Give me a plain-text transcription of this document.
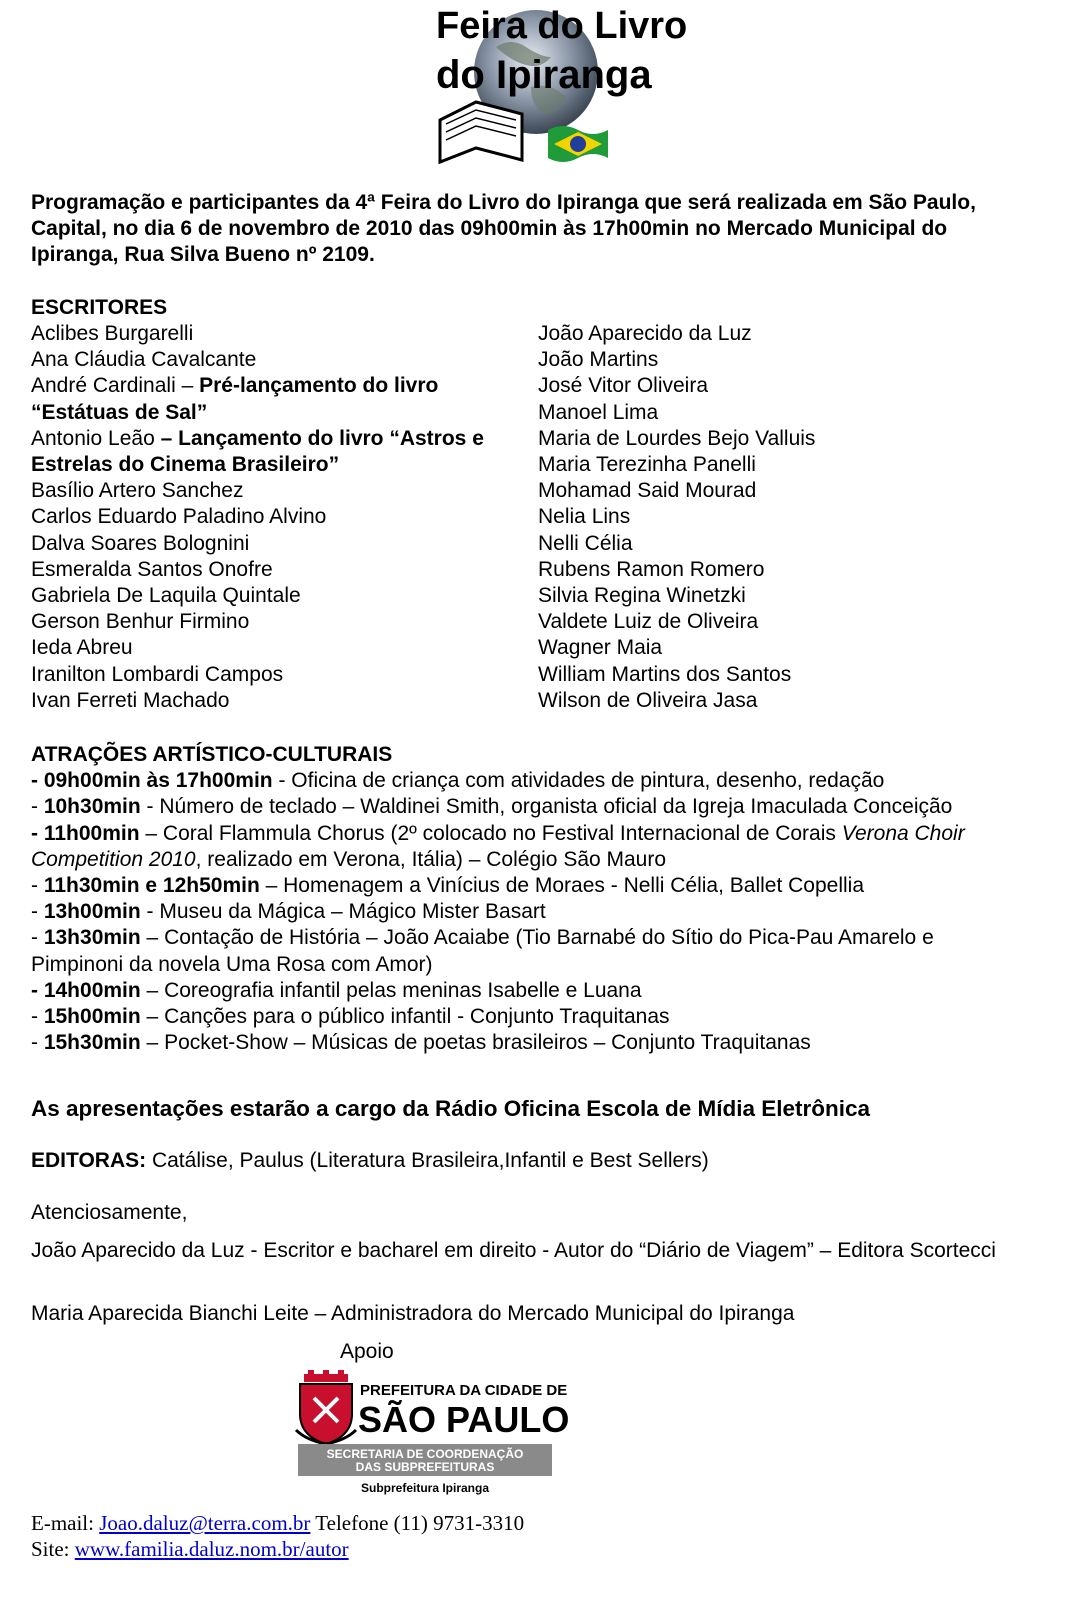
Feira do Livro
do Ipiranga
Programação e participantes da 4ª Feira do Livro do Ipiranga que será realizada em São Paulo, Capital, no dia 6 de novembro de 2010 das 09h00min às 17h00min no Mercado Municipal do Ipiranga, Rua Silva Bueno nº 2109.
ESCRITORES
Aclibes Burgarelli
Ana Cláudia Cavalcante
André Cardinali – Pré-lançamento do livro “Estátuas de Sal”
Antonio Leão – Lançamento do livro “Astros e Estrelas do Cinema Brasileiro”
Basílio Artero Sanchez
Carlos Eduardo Paladino Alvino
Dalva Soares Bolognini
Esmeralda Santos Onofre
Gabriela De Laquila Quintale
Gerson Benhur Firmino
Ieda Abreu
Iranilton Lombardi Campos
Ivan Ferreti Machado
João Aparecido da Luz
João Martins
José Vitor Oliveira
Manoel Lima
Maria de Lourdes Bejo Valluis
Maria Terezinha Panelli
Mohamad Said Mourad
Nelia Lins
Nelli Célia
Rubens Ramon Romero
Silvia Regina Winetzki
Valdete Luiz de Oliveira
Wagner Maia
William Martins dos Santos
Wilson de Oliveira Jasa
ATRAÇÕES ARTÍSTICO-CULTURAIS
- 09h00min às 17h00min - Oficina de criança com atividades de pintura, desenho, redação
- 10h30min - Número de teclado – Waldinei Smith, organista oficial da Igreja Imaculada Conceição
- 11h00min – Coral Flammula Chorus (2º colocado no Festival Internacional de Corais Verona Choir Competition 2010, realizado em Verona, Itália) – Colégio São Mauro
- 11h30min e 12h50min – Homenagem a Vinícius de Moraes - Nelli Célia, Ballet Copellia
- 13h00min - Museu da Mágica – Mágico Mister Basart
- 13h30min – Contação de História – João Acaiabe (Tio Barnabé do Sítio do Pica-Pau Amarelo e Pimpinoni da novela Uma Rosa com Amor)
- 14h00min – Coreografia infantil pelas meninas Isabelle e Luana
- 15h00min – Canções para o público infantil - Conjunto Traquitanas
- 15h30min – Pocket-Show – Músicas de poetas brasileiros – Conjunto Traquitanas
As apresentações estarão a cargo da Rádio Oficina Escola de Mídia Eletrônica
EDITORAS: Catálise, Paulus (Literatura Brasileira,Infantil e Best Sellers)
Atenciosamente,
João Aparecido da Luz - Escritor e bacharel em direito - Autor do “Diário de Viagem” – Editora Scortecci
Maria Aparecida Bianchi Leite – Administradora do Mercado Municipal do Ipiranga
Apoio
PREFEITURA DA CIDADE DE
SÃO PAULO
SECRETARIA DE COORDENAÇÃO
DAS SUBPREFEITURAS
Subprefeitura Ipiranga
E-mail: Joao.daluz@terra.com.br Telefone (11) 9731-3310
Site: www.familia.daluz.nom.br/autor
